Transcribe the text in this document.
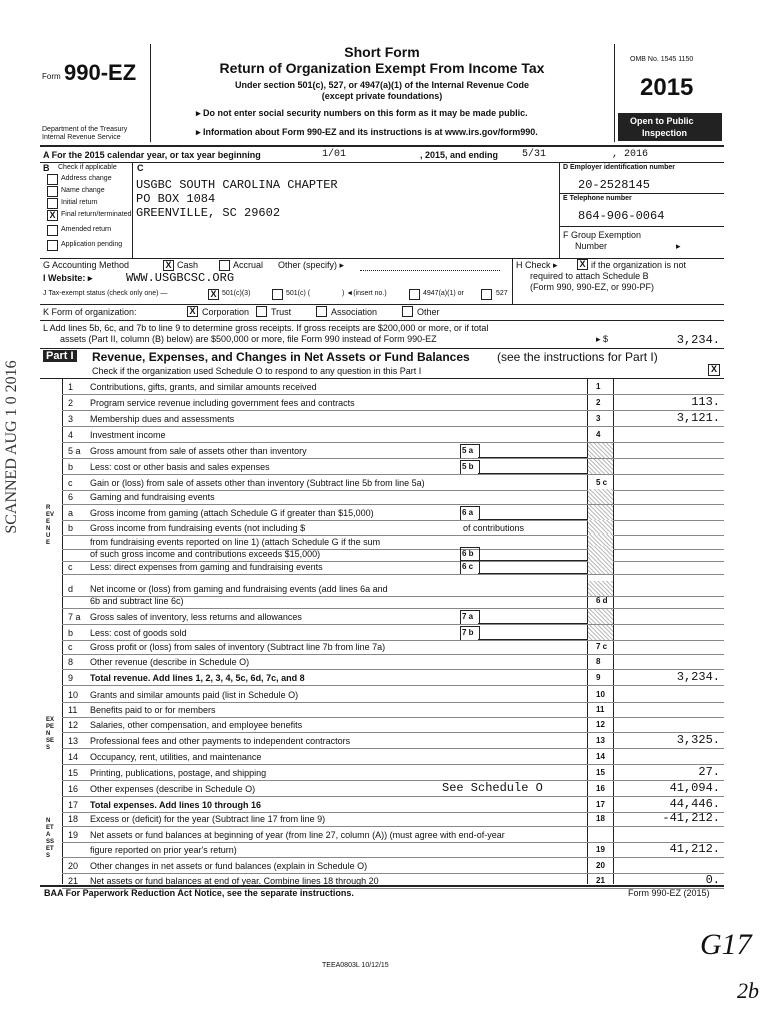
Form 990-EZ
Department of the Treasury
Internal Revenue Service
Short Form
Return of Organization Exempt From Income Tax
Under section 501(c), 527, or 4947(a)(1) of the Internal Revenue Code
(except private foundations)
▸ Do not enter social security numbers on this form as it may be made public.
▸ Information about Form 990-EZ and its instructions is at www.irs.gov/form990.
OMB No. 1545 1150
2015
Open to Public
Inspection
A For the 2015 calendar year, or tax year beginning	1/01	, 2015, and ending 5/31	, 2016
B Check if applicable
Address change
Name change
Initial return
X Final return/terminated
Amended return
Application pending
C
USGBC SOUTH CAROLINA CHAPTER
PO BOX 1084
GREENVILLE, SC 29602
D Employer identification number
20-2528145
E Telephone number
864-906-0064
F Group Exemption
Number	▸
G Accounting Method	X Cash	Accrual Other (specify) ▸	H Check ▸ X if the organization is not
required to attach Schedule B
(Form 990, 990-EZ, or 990-PF)
I Website: ▸	WWW.USGBCSC.ORG
J Tax-exempt status (check only one) —	X 501(c)(3)	501(c) (	) ◄(insert no.)	4947(a)(1) or	527
K Form of organization:	X Corporation Trust	Association	Other
L Add lines 5b, 6c, and 7b to line 9 to determine gross receipts. If gross receipts are $200,000 or more, or if total
assets (Part II, column (B) below) are $500,000 or more, file Form 990 instead of Form 990-EZ	▸ $	3,234.
Part I Revenue, Expenses, and Changes in Net Assets or Fund Balances (see the instructions for Part I)
Check if the organization used Schedule O to respond to any question in this Part I	X
REVENUE
EXPENSES
NET ASSETS
SCANNED AUG 1 0 2016	1 Contributions, gifts, grants, and similar amounts received	1
2 Program service revenue including government fees and contracts	2	113.
3 Membership dues and assessments	3	3,121.
4 Investment income	4
5 a Gross amount from sale of assets other than inventory	5 a
b Less: cost or other basis and sales expenses	5 b
c Gain or (loss) from sale of assets other than inventory (Subtract line 5b from line 5a)	5 c
6 Gaming and fundraising events
a Gross income from gaming (attach Schedule G if greater than $15,000)	6 a
b Gross income from fundraising events (not including $	of contributions
from fundraising events reported on line 1) (attach Schedule G if the sum
of such gross income and contributions exceeds $15,000)	6 b
c Less: direct expenses from gaming and fundraising events	6 c
d Net income or (loss) from gaming and fundraising events (add lines 6a and
6b and subtract line 6c)	6 d
7 a Gross sales of inventory, less returns and allowances	7 a
b Less: cost of goods sold	7 b
c Gross profit or (loss) from sales of inventory (Subtract line 7b from line 7a)	7 c
8 Other revenue (describe in Schedule O)	8
9 Total revenue. Add lines 1, 2, 3, 4, 5c, 6d, 7c, and 8	9	3,234.
10 Grants and similar amounts paid (list in Schedule O)	10
11 Benefits paid to or for members	11
12 Salaries, other compensation, and employee benefits	12
13 Professional fees and other payments to independent contractors	13	3,325.
14 Occupancy, rent, utilities, and maintenance	14
15 Printing, publications, postage, and shipping	15	27.
16 Other expenses (describe in Schedule O)	See Schedule O	16	41,094.
17 Total expenses. Add lines 10 through 16	17	44,446.
18 Excess or (deficit) for the year (Subtract line 17 from line 9)	18	-41,212.
19 Net assets or fund balances at beginning of year (from line 27, column (A)) (must agree with end-of-year
figure reported on prior year's return)	19	41,212.
20 Other changes in net assets or fund balances (explain in Schedule O)	20
21 Net assets or fund balances at end of year. Combine lines 18 through 20	21	0.
BAA For Paperwork Reduction Act Notice, see the separate instructions.	Form 990-EZ (2015)
TEEA0803L 10/12/15
G17
2b
